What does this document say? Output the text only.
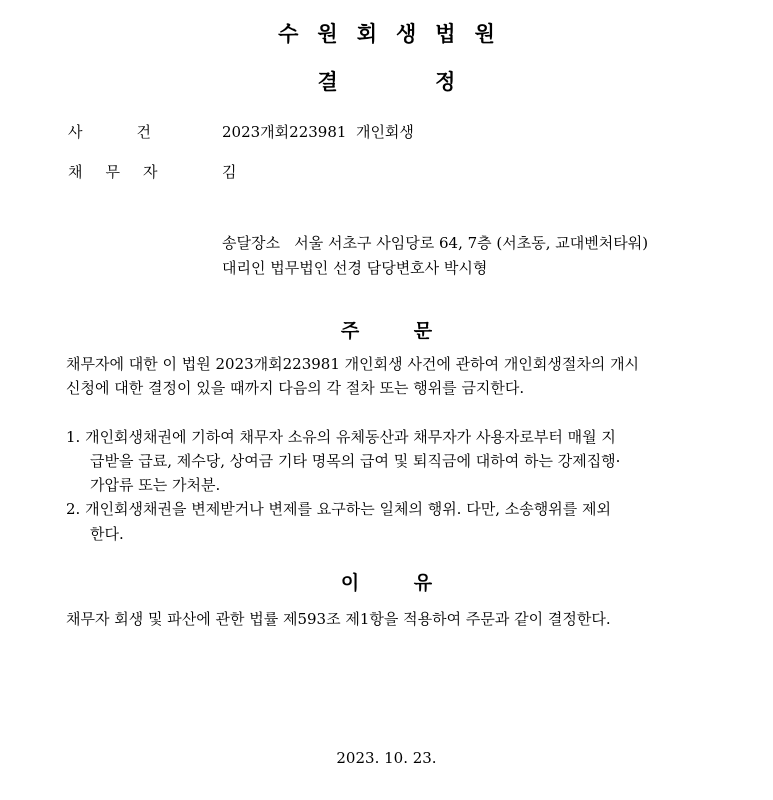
수원회생법원
결 정
사건 2023개회223981  개인회생
채무자	김
송달장소   서울 서초구 사임당로 64, 7층 (서초동, 교대벤처타워)
대리인 법무법인 선경 담당변호사 박시형
주 문
채무자에 대한 이 법원 2023개회223981 개인회생 사건에 관하여 개인회생절차의 개시
신청에 대한 결정이 있을 때까지 다음의 각 절차 또는 행위를 금지한다.
1. 개인회생채권에 기하여 채무자 소유의 유체동산과 채무자가 사용자로부터 매월 지
급받을 급료, 제수당, 상여금 기타 명목의 급여 및 퇴직금에 대하여 하는 강제집행·
가압류 또는 가처분.
2. 개인회생채권을 변제받거나 변제를 요구하는 일체의 행위. 다만, 소송행위를 제외
한다.
이 유
채무자 회생 및 파산에 관한 법률 제593조 제1항을 적용하여 주문과 같이 결정한다.
2023. 10. 23.
